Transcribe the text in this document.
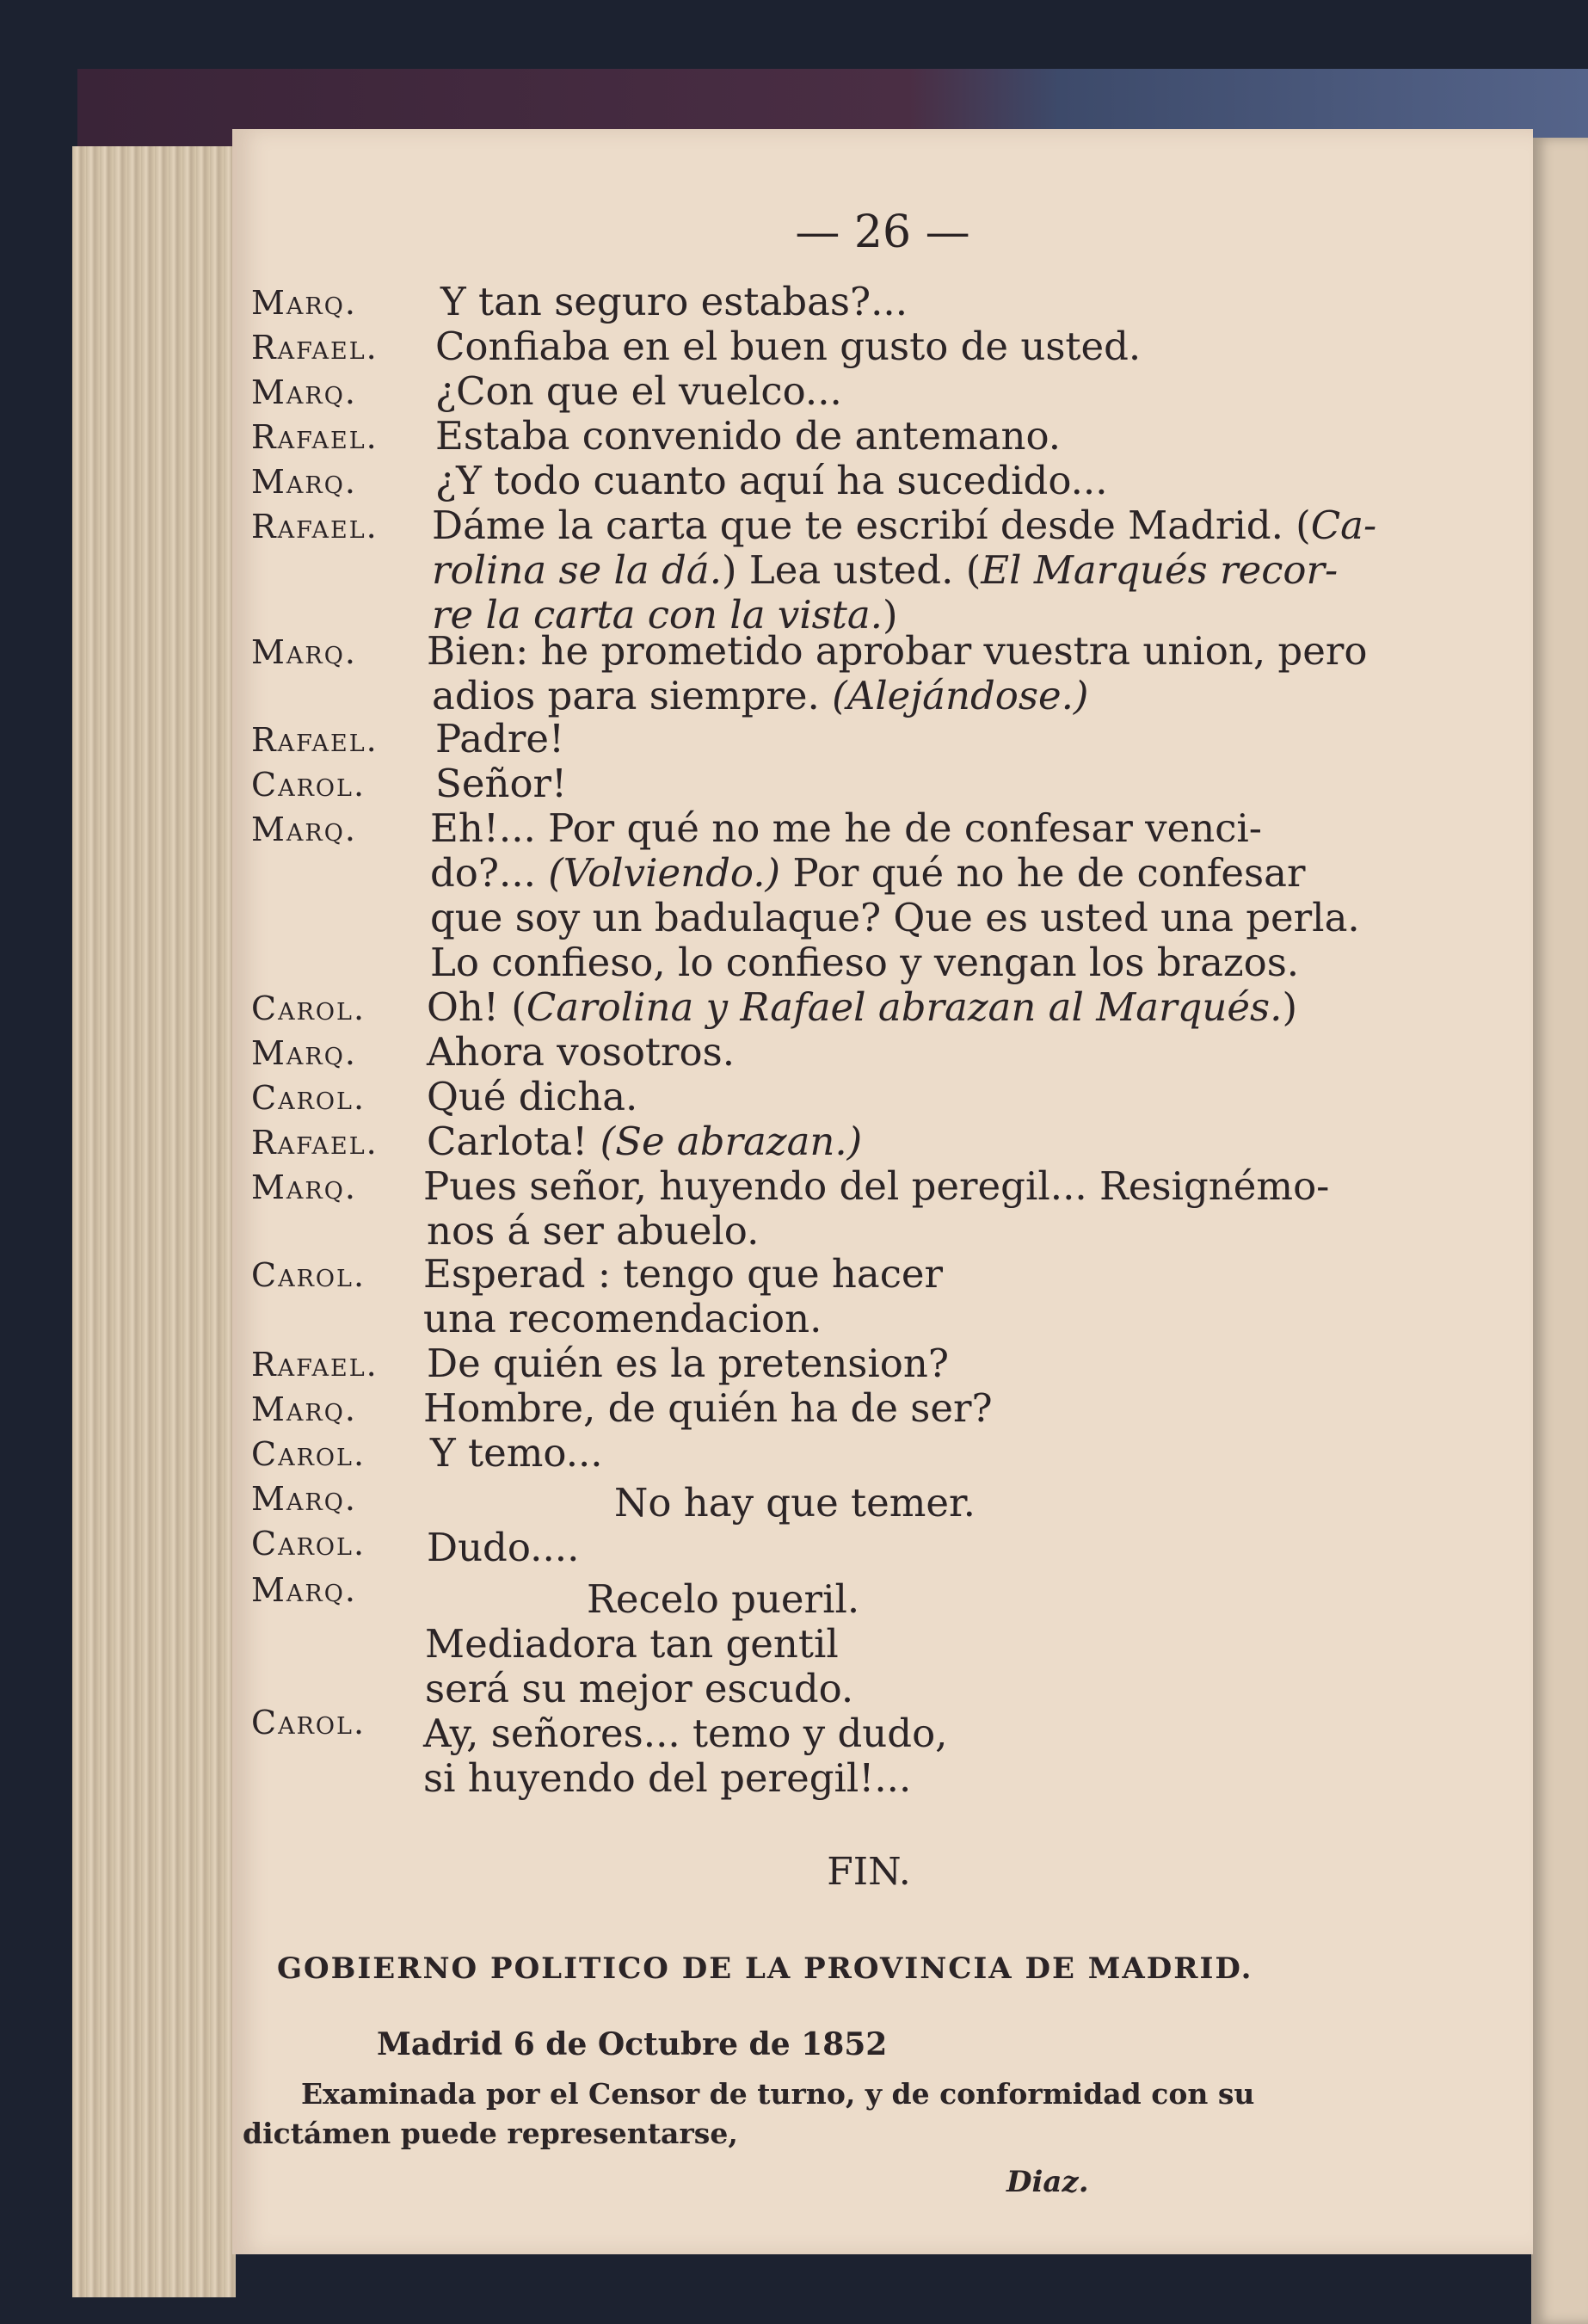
— 26 —
Marq.
Rafael.
Marq.
Rafael.
Marq.
Rafael.
Marq.
Rafael.
Carol.
Marq.
Carol.
Marq.
Carol.
Rafael.
Marq.
Carol.
Rafael.
Marq.
Carol.
Marq.
Carol.
Marq.
Carol.
Y tan seguro estabas?...
Confiaba en el buen gusto de usted.
¿Con que el vuelco...
Estaba convenido de antemano.
¿Y todo cuanto aquí ha sucedido...
Dáme la carta que te escribí desde Madrid. (Ca-
rolina se la dá.) Lea usted. (El Marqués recor-
re la carta con la vista.)
Bien: he prometido aprobar vuestra union, pero
adios para siempre. (Alejándose.)
Padre!
Señor!
Eh!... Por qué no me he de confesar venci-
do?... (Volviendo.) Por qué no he de confesar
que soy un badulaque? Que es usted una perla.
Lo confieso, lo confieso y vengan los brazos.
Oh! (Carolina y Rafael abrazan al Marqués.)
Ahora vosotros.
Qué dicha.
Carlota! (Se abrazan.)
Pues señor, huyendo del peregil... Resignémo-
nos á ser abuelo.
Esperad : tengo que hacer
una recomendacion.
De quién es la pretension?
Hombre, de quién ha de ser?
Y temo...
No hay que temer.
Dudo....
Recelo pueril.
Mediadora tan gentil
será su mejor escudo.
Ay, señores... temo y dudo,
si huyendo del peregil!...
FIN.
GOBIERNO POLITICO DE LA PROVINCIA DE MADRID.
Madrid 6 de Octubre de 1852
Examinada por el Censor de turno, y de conformidad con su
dictámen puede representarse,
Diaz.
